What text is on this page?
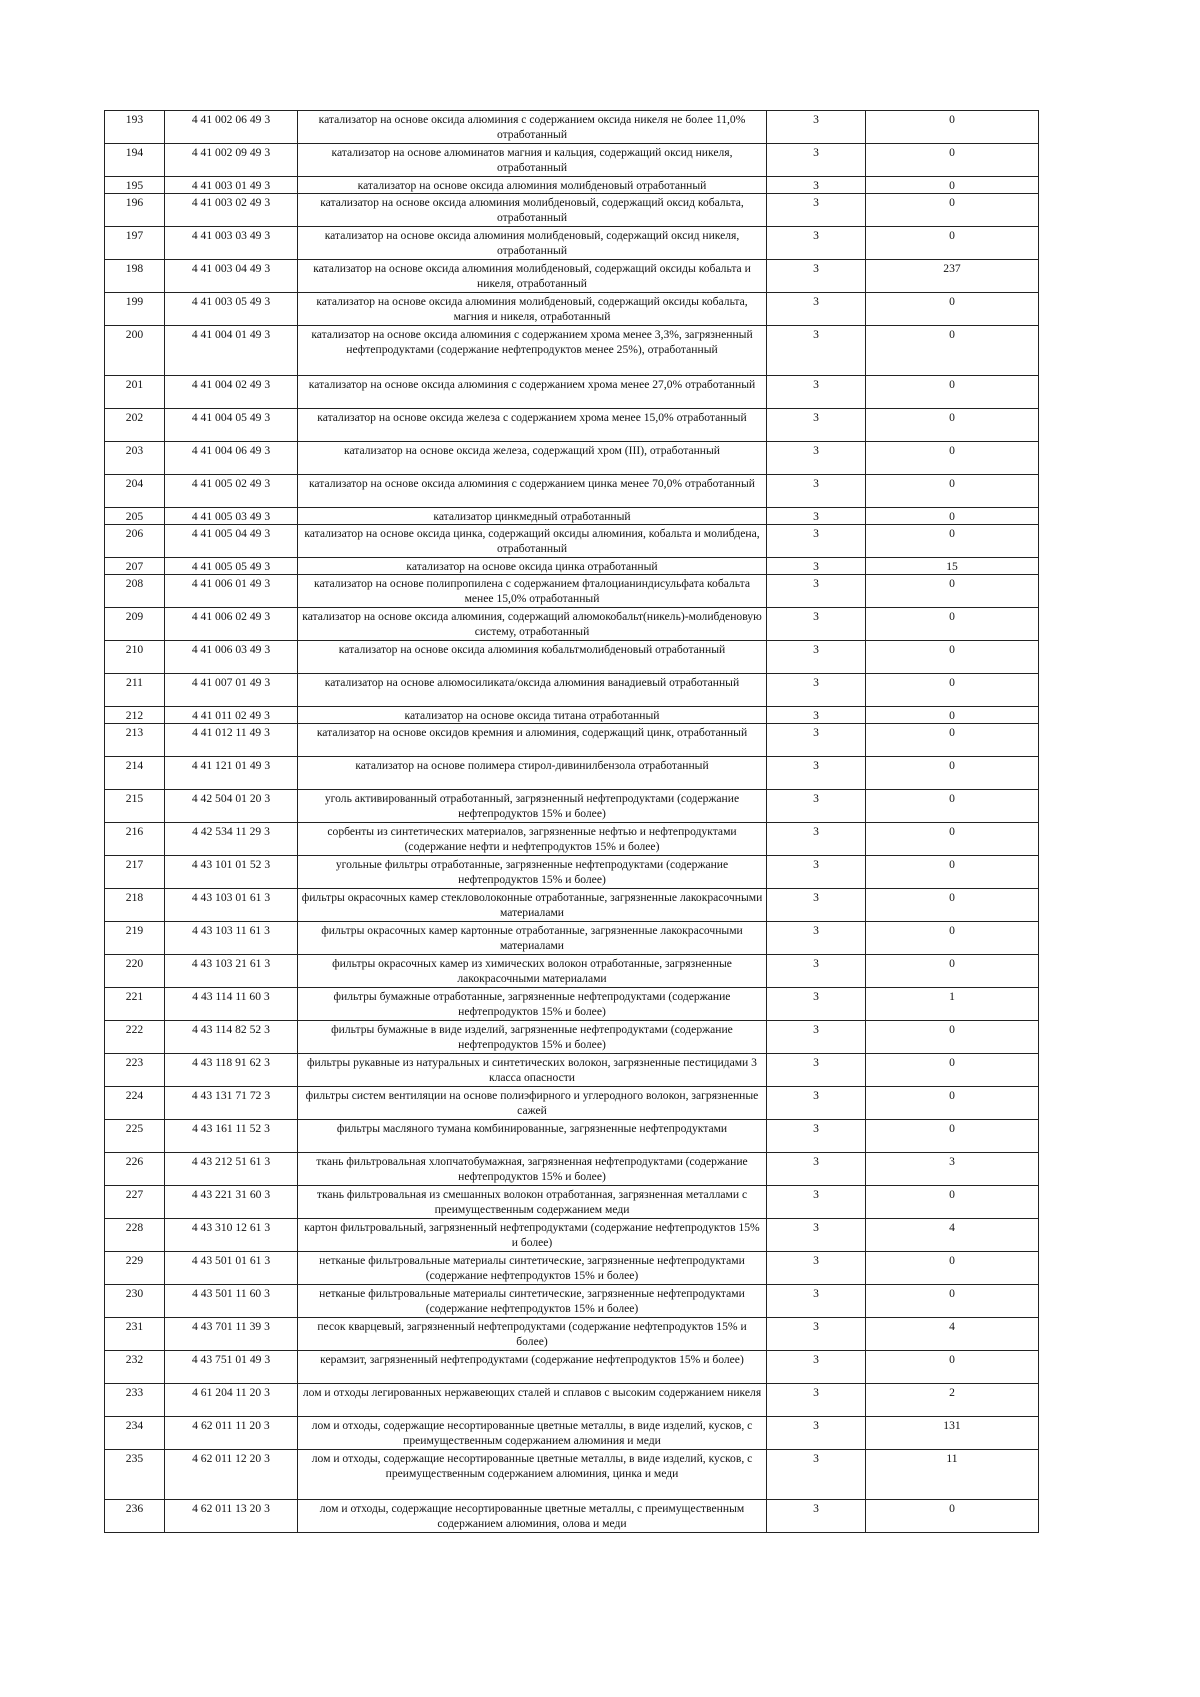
193	4 41 002 06 49 3	катализатор на основе оксида алюминия с содержанием оксида никеля не более 11,0% отработанный	3	0
194	4 41 002 09 49 3	катализатор на основе алюминатов магния и кальция, содержащий оксид никеля, отработанный	3	0
195	4 41 003 01 49 3	катализатор на основе оксида алюминия молибденовый отработанный	3	0
196	4 41 003 02 49 3	катализатор на основе оксида алюминия молибденовый, содержащий оксид кобальта, отработанный	3	0
197	4 41 003 03 49 3	катализатор на основе оксида алюминия молибденовый, содержащий оксид никеля, отработанный	3	0
198	4 41 003 04 49 3	катализатор на основе оксида алюминия молибденовый, содержащий оксиды кобальта и никеля, отработанный	3	237
199	4 41 003 05 49 3	катализатор на основе оксида алюминия молибденовый, содержащий оксиды кобальта, магния и никеля, отработанный	3	0
200	4 41 004 01 49 3	катализатор на основе оксида алюминия с содержанием хрома менее 3,3%, загрязненный нефтепродуктами (содержание нефтепродуктов менее 25%), отработанный	3	0
201	4 41 004 02 49 3	катализатор на основе оксида алюминия с содержанием хрома менее 27,0% отработанный	3	0
202	4 41 004 05 49 3	катализатор на основе оксида железа с содержанием хрома менее 15,0% отработанный	3	0
203	4 41 004 06 49 3	катализатор на основе оксида железа, содержащий хром (III), отработанный	3	0
204	4 41 005 02 49 3	катализатор на основе оксида алюминия с содержанием цинка менее 70,0% отработанный	3	0
205	4 41 005 03 49 3	катализатор цинкмедный отработанный	3	0
206	4 41 005 04 49 3	катализатор на основе оксида цинка, содержащий оксиды алюминия, кобальта и молибдена, отработанный	3	0
207	4 41 005 05 49 3	катализатор на основе оксида цинка отработанный	3	15
208	4 41 006 01 49 3	катализатор на основе полипропилена с содержанием фталоцианиндисульфата кобальта менее 15,0% отработанный	3	0
209	4 41 006 02 49 3	катализатор на основе оксида алюминия, содержащий алюмокобальт(никель)-молибденовую систему, отработанный	3	0
210	4 41 006 03 49 3	катализатор на основе оксида алюминия кобальтмолибденовый отработанный	3	0
211	4 41 007 01 49 3	катализатор на основе алюмосиликата/оксида алюминия ванадиевый отработанный	3	0
212	4 41 011 02 49 3	катализатор на основе оксида титана отработанный	3	0
213	4 41 012 11 49 3	катализатор на основе оксидов кремния и алюминия, содержащий цинк, отработанный	3	0
214	4 41 121 01 49 3	катализатор на основе полимера стирол-дивинилбензола отработанный	3	0
215	4 42 504 01 20 3	уголь активированный отработанный, загрязненный нефтепродуктами (содержание нефтепродуктов 15% и более)	3	0
216	4 42 534 11 29 3	сорбенты из синтетических материалов, загрязненные нефтью и нефтепродуктами (содержание нефти и нефтепродуктов 15% и более)	3	0
217	4 43 101 01 52 3	угольные фильтры отработанные, загрязненные нефтепродуктами (содержание нефтепродуктов 15% и более)	3	0
218	4 43 103 01 61 3	фильтры окрасочных камер стекловолоконные отработанные, загрязненные лакокрасочными материалами	3	0
219	4 43 103 11 61 3	фильтры окрасочных камер картонные отработанные, загрязненные лакокрасочными материалами	3	0
220	4 43 103 21 61 3	фильтры окрасочных камер из химических волокон отработанные, загрязненные лакокрасочными материалами	3	0
221	4 43 114 11 60 3	фильтры бумажные отработанные, загрязненные нефтепродуктами (содержание нефтепродуктов 15% и более)	3	1
222	4 43 114 82 52 3	фильтры бумажные в виде изделий, загрязненные нефтепродуктами (содержание нефтепродуктов 15% и более)	3	0
223	4 43 118 91 62 3	фильтры рукавные из натуральных и синтетических волокон, загрязненные пестицидами 3 класса опасности	3	0
224	4 43 131 71 72 3	фильтры систем вентиляции на основе полиэфирного и углеродного волокон, загрязненные сажей	3	0
225	4 43 161 11 52 3	фильтры масляного тумана комбинированные, загрязненные нефтепродуктами	3	0
226	4 43 212 51 61 3	ткань фильтровальная хлопчатобумажная, загрязненная нефтепродуктами (содержание нефтепродуктов 15% и более)	3	3
227	4 43 221 31 60 3	ткань фильтровальная из смешанных волокон отработанная, загрязненная металлами с преимущественным содержанием меди	3	0
228	4 43 310 12 61 3	картон фильтровальный, загрязненный нефтепродуктами (содержание нефтепродуктов 15% и более)	3	4
229	4 43 501 01 61 3	нетканые фильтровальные материалы синтетические, загрязненные нефтепродуктами (содержание нефтепродуктов 15% и более)	3	0
230	4 43 501 11 60 3	нетканые фильтровальные материалы синтетические, загрязненные нефтепродуктами (содержание нефтепродуктов 15% и более)	3	0
231	4 43 701 11 39 3	песок кварцевый, загрязненный нефтепродуктами (содержание нефтепродуктов 15% и более)	3	4
232	4 43 751 01 49 3	керамзит, загрязненный нефтепродуктами (содержание нефтепродуктов 15% и более)	3	0
233	4 61 204 11 20 3	лом и отходы легированных нержавеющих сталей и сплавов с высоким содержанием никеля	3	2
234	4 62 011 11 20 3	лом и отходы, содержащие несортированные цветные металлы, в виде изделий, кусков, с преимущественным содержанием алюминия и меди	3	131
235	4 62 011 12 20 3	лом и отходы, содержащие несортированные цветные металлы, в виде изделий, кусков, с преимущественным содержанием алюминия, цинка и меди	3	11
236	4 62 011 13 20 3	лом и отходы, содержащие несортированные цветные металлы, с преимущественным содержанием алюминия, олова и меди	3	0
